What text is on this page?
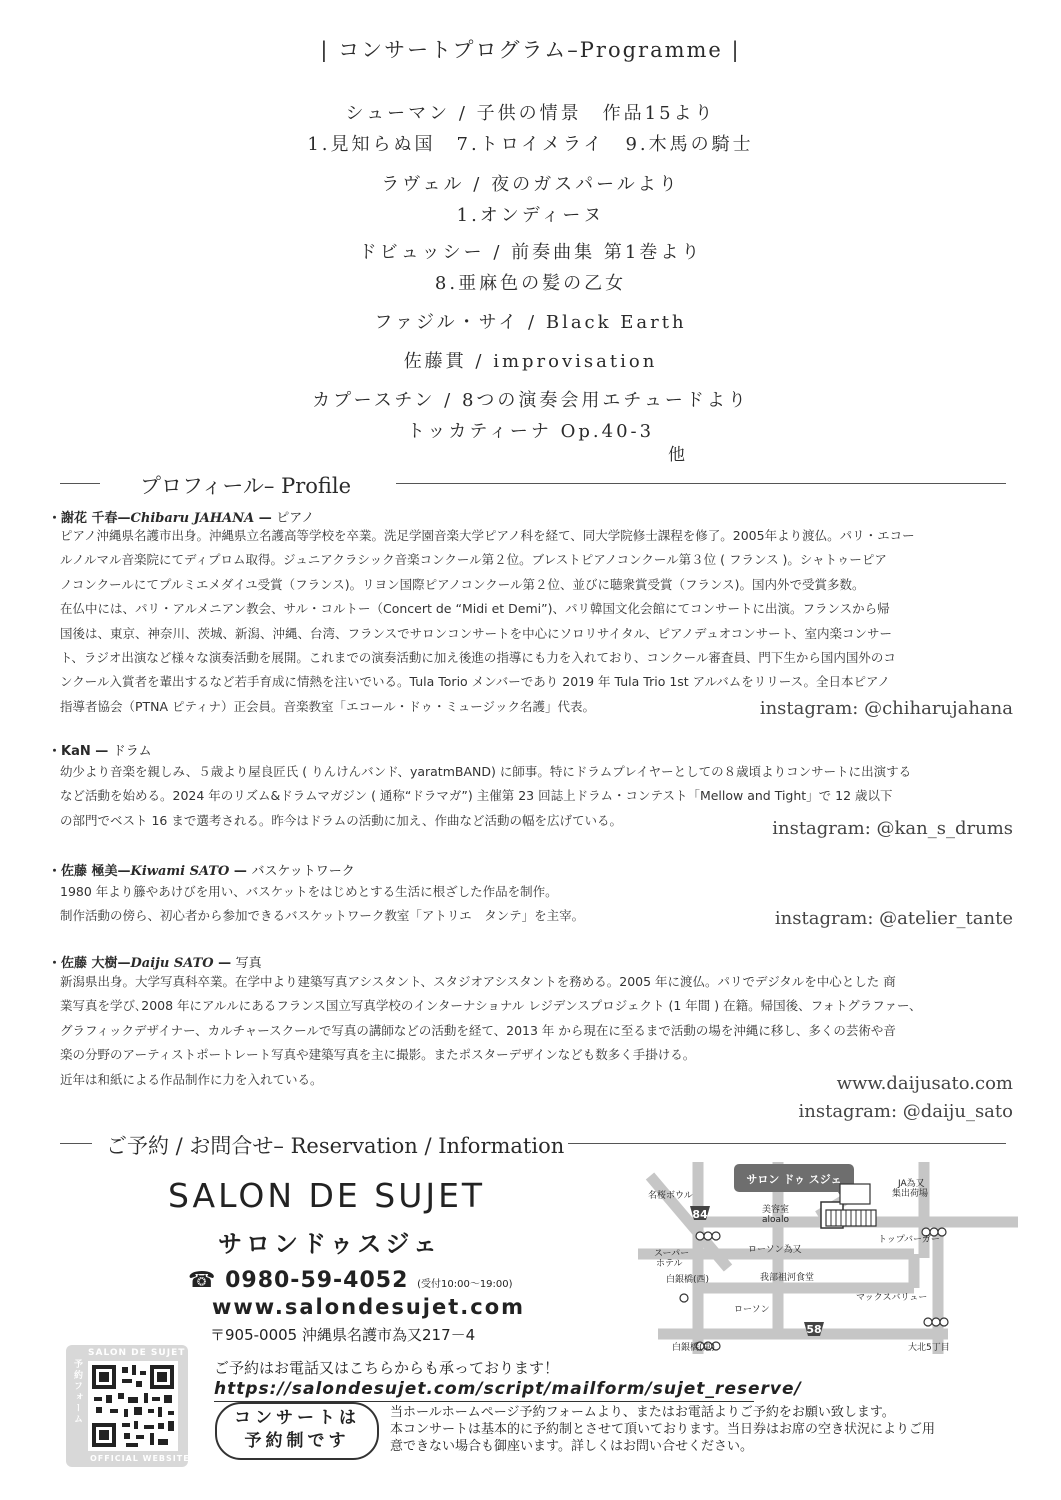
| コンサートプログラム–Programme |
シューマン / 子供の情景　作品15より
1.見知らぬ国　7.トロイメライ　9.木馬の騎士
ラヴェル / 夜のガスパールより
1.オンディーヌ
ドビュッシー / 前奏曲集 第1巻より
8.亜麻色の髪の乙女
ファジル・サイ / Black Earth
佐藤貫 / improvisation
カプースチン / 8つの演奏会用エチュードより
トッカティーナ Op.40-3
他
プロフィール– Profile
・謝花 千春—Chibaru JAHANA — ピアノ
ピアノ沖縄県名護市出身。沖縄県立名護高等学校を卒業。洗足学園音楽大学ピアノ科を経て、同大学院修士課程を修了。2005年より渡仏。パリ・エコー
ルノルマル音楽院にてディプロム取得。ジュニアクラシック音楽コンクール第２位。ブレストピアノコンクール第３位 ( フランス )。シャトゥーピア
ノコンクールにてプルミエメダイユ受賞（フランス)。リヨン国際ピアノコンクール第２位、並びに聴衆賞受賞（フランス)。国内外で受賞多数。
在仏中には、パリ・アルメニアン教会、サル・コルトー（Concert de “Midi et Demi”)、パリ韓国文化会館にてコンサートに出演。フランスから帰
国後は、東京、神奈川、茨城、新潟、沖縄、台湾、フランスでサロンコンサートを中心にソロリサイタル、ピアノデュオコンサート、室内楽コンサー
ト、ラジオ出演など様々な演奏活動を展開。これまでの演奏活動に加え後進の指導にも力を入れており、コンクール審査員、門下生から国内国外のコ
ンクール入賞者を輩出するなど若手育成に情熱を注いでいる。Tula Torio メンバーであり 2019 年 Tula Trio 1st アルバムをリリース。全日本ピアノ
指導者協会（PTNA ピティナ）正会員。音楽教室「エコール・ドゥ・ミュージック名護」代表。	instagram: @chiharujahana
・KaN — ドラム
幼少より音楽を親しみ、５歳より屋良匠氏 ( りんけんバンド、yaratmBAND) に師事。特にドラムプレイヤーとしての８歳頃よりコンサートに出演する
など活動を始める。2024 年のリズム&ドラムマガジン ( 通称“ドラマガ”) 主催第 23 回誌上ドラム・コンテスト「Mellow and Tight」で 12 歳以下
の部門でベスト 16 まで選考される。昨今はドラムの活動に加え、作曲など活動の幅を広げている。	instagram: @kan_s_drums
・佐藤 極美—Kiwami SATO — バスケットワーク
1980 年より籐やあけびを用い、バスケットをはじめとする生活に根ざした作品を制作。
制作活動の傍ら、初心者から参加できるバスケットワーク教室「アトリエ　タンテ」を主宰。	instagram: @atelier_tante
・佐藤 大樹—Daiju SATO — 写真
新潟県出身。大学写真科卒業。在学中より建築写真アシスタント、スタジオアシスタントを務める。2005 年に渡仏。パリでデジタルを中心とした 商
業写真を学び､2008 年にアルルにあるフランス国立写真学校のインターナショナル レジデンスプロジェクト (1 年間 ) 在籍。帰国後、フォトグラファー、
グラフィックデザイナー、カルチャースクールで写真の講師などの活動を経て、2013 年 から現在に至るまで活動の場を沖縄に移し、多くの芸術や音
楽の分野のアーティストポートレート写真や建築写真を主に撮影。またポスターデザインなども数多く手掛ける。
近年は和紙による作品制作に力を入れている。	www.daijusato.com
instagram: @daiju_sato
ご予約 / お問合せ– Reservation / Information
SALON DE SUJET
サロンドゥスジェ
☎ 0980-59-4052 (受付10:00～19:00)
www.salondesujet.com
〒905-0005 沖縄県名護市為又217－4
SALON DE SUJET
予約フォーム
OFFICIAL WEBSITE
ご予約はお電話又はこちらからも承っております！
https://salondesujet.com/script/mailform/sujet_reserve/
コンサートは
予約制です
当ホールホームページ予約フォームより、またはお電話よりご予約をお願い致します。
本コンサートは基本的に予約制とさせて頂いております。当日券はお席の空き状況によりご用
意できない場合も御座います。詳しくはお問い合せください。
84
58
サロン ドゥ スジェ
名桜ボウル
美容室
aloalo
JA為又
集出荷場
ローソン為又
スーパー
ホテル
トップバーガー
白銀橋(西)	我部祖河食堂
マックスバリュー
ローソン
白銀橋(東)	大北5丁目
